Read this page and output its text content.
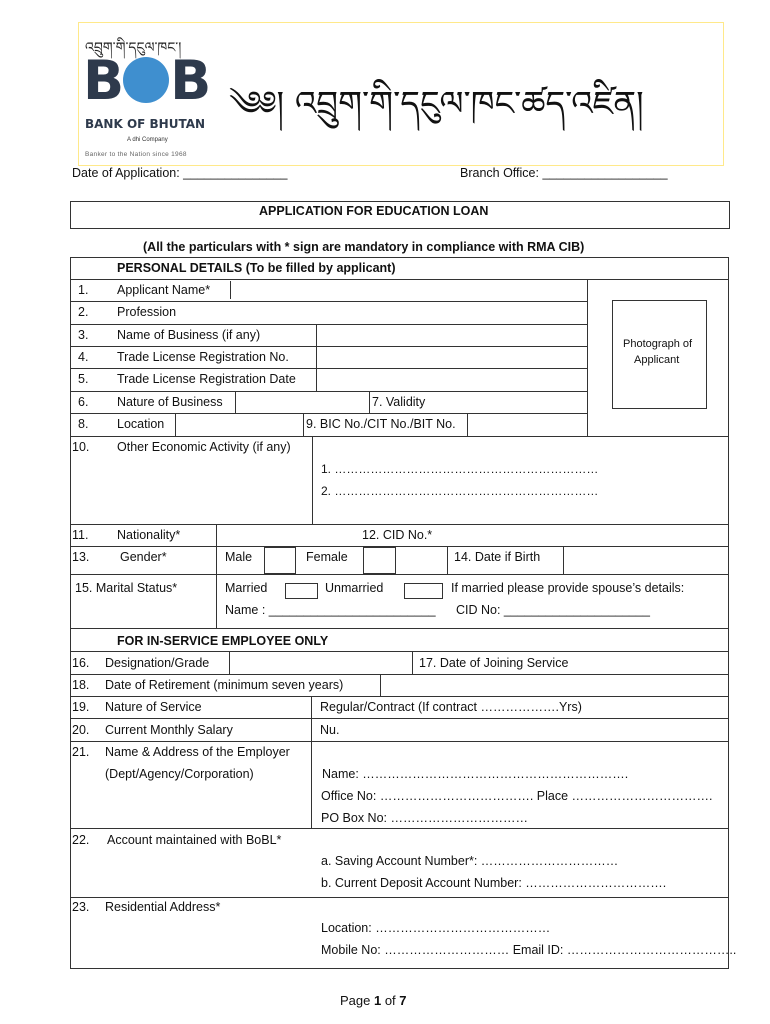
འབྲུག་གི་དངུལ་ཁང་།
B B
BANK OF BHUTAN
A dhi Company
Banker to the Nation since 1968
༄༅། འབྲུག་གི་དངུལ་ཁང་ཚད་འཛིན།
Date of Application: _______________	Branch Office: __________________
APPLICATION FOR EDUCATION LOAN
(All the particulars with * sign are mandatory in compliance with RMA CIB)
PERSONAL DETAILS (To be filled by applicant)
Photograph of
Applicant
1. Applicant Name*
2. Profession
3. Name of Business (if any)
4. Trade License Registration No.
5. Trade License Registration Date
6. Nature of Business	7. Validity
8. Location	9. BIC No./CIT No./BIT No.
10. Other Economic Activity (if any)
1. …………………………………………………………
2. …………………………………………………………
11. Nationality*	12. CID No.*
13. Gender*	Male	Female	14. Date if Birth
15. Marital Status*	Married	Unmarried	If married please provide spouse’s details:
Name : ________________________ CID No: _____________________
FOR IN-SERVICE EMPLOYEE ONLY
16. Designation/Grade	17. Date of Joining Service
18. Date of Retirement (minimum seven years)
19. Nature of Service	Regular/Contract (If contract ……………….Yrs)
20. Current Monthly Salary	Nu.
21. Name & Address of the Employer
(Dept/Agency/Corporation)	Name: ……………………………………………………….
Office No: ………………………………. Place …………………………….
PO Box No: ……………………………
22. Account maintained with BoBL*
a. Saving Account Number*: ……………………………
b. Current Deposit Account Number: …………………………….
23. Residential Address*
Location: ……………………………………
Mobile No: ………………………… Email ID: …………………………………..
Page 1 of 7
